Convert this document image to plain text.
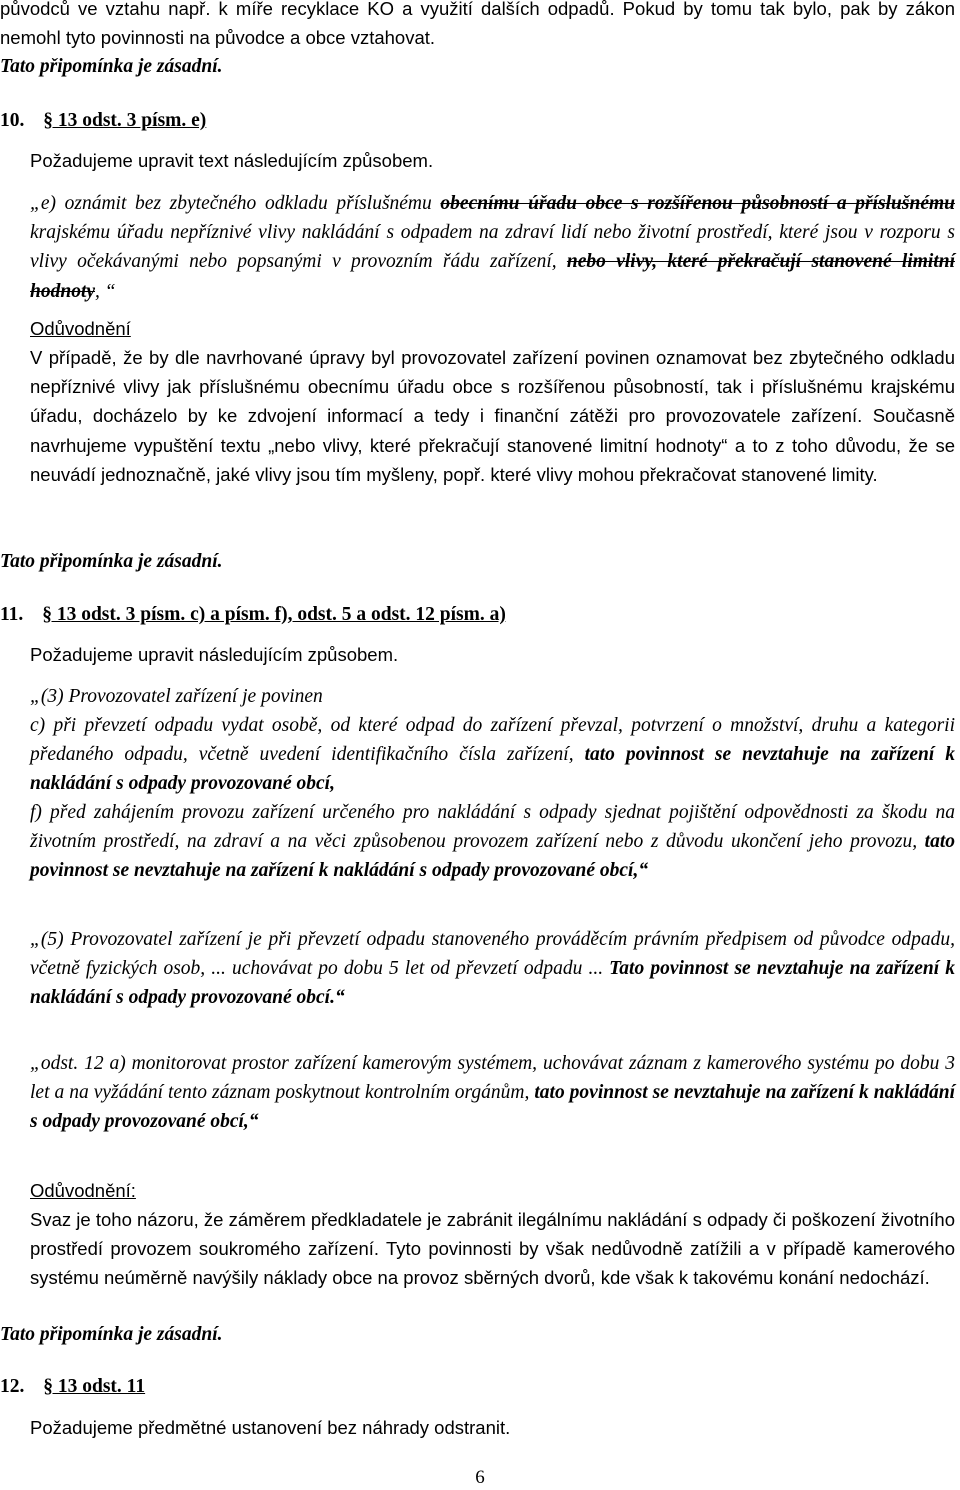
původců ve vztahu např. k míře recyklace KO a využití dalších odpadů. Pokud by tomu tak bylo, pak by zákon nemohl tyto povinnosti na původce a obce vztahovat.

Tato připomínka je zásadní.

10. § 13 odst. 3 písm. e)

Požadujeme upravit text následujícím způsobem.

„e) oznámit bez zbytečného odkladu příslušnému obecnímu úřadu obce s rozšířenou působností a příslušnému krajskému úřadu nepříznivé vlivy nakládání s odpadem na zdraví lidí nebo životní prostředí, které jsou v rozporu s vlivy očekávanými nebo popsanými v provozním řádu zařízení, nebo vlivy, které překračují stanovené limitní hodnoty, “

Odůvodnění

V případě, že by dle navrhované úpravy byl provozovatel zařízení povinen oznamovat bez zbytečného odkladu nepříznivé vlivy jak příslušnému obecnímu úřadu obce s rozšířenou působností, tak i příslušnému krajskému úřadu, docházelo by ke zdvojení informací a tedy i finanční zátěži pro provozovatele zařízení. Současně navrhujeme vypuštění textu „nebo vlivy, které překračují stanovené limitní hodnoty“ a to z toho důvodu, že se neuvádí jednoznačně, jaké vlivy jsou tím myšleny, popř. které vlivy mohou překračovat stanovené limity.

Tato připomínka je zásadní.

11. § 13 odst. 3 písm. c) a písm. f), odst. 5 a odst. 12 písm. a)

Požadujeme upravit následujícím způsobem.

„(3) Provozovatel zařízení je povinen

c) při převzetí odpadu vydat osobě, od které odpad do zařízení převzal, potvrzení o množství, druhu a kategorii předaného odpadu, včetně uvedení identifikačního čísla zařízení, tato povinnost se nevztahuje na zařízení k nakládání s odpady provozované obcí,

f) před zahájením provozu zařízení určeného pro nakládání s odpady sjednat pojištění odpovědnosti za škodu na životním prostředí, na zdraví a na věci způsobenou provozem zařízení nebo z důvodu ukončení jeho provozu, tato povinnost se nevztahuje na zařízení k nakládání s odpady provozované obcí,“

„(5) Provozovatel zařízení je při převzetí odpadu stanoveného prováděcím právním předpisem od původce odpadu, včetně fyzických osob, ... uchovávat po dobu 5 let od převzetí odpadu ... Tato povinnost se nevztahuje na zařízení k nakládání s odpady provozované obcí.“

„odst. 12 a) monitorovat prostor zařízení kamerovým systémem, uchovávat záznam z kamerového systému po dobu 3 let a na vyžádání tento záznam poskytnout kontrolním orgánům, tato povinnost se nevztahuje na zařízení k nakládání s odpady provozované obcí,“

Odůvodnění:

Svaz je toho názoru, že záměrem předkladatele je zabránit ilegálnímu nakládání s odpady či poškození životního prostředí provozem soukromého zařízení. Tyto povinnosti by však nedůvodně zatížili a v případě kamerového systému neúměrně navýšily náklady obce na provoz sběrných dvorů, kde však k takovému konání nedochází.

Tato připomínka je zásadní.

12. § 13 odst. 11

Požadujeme předmětné ustanovení bez náhrady odstranit.

6
